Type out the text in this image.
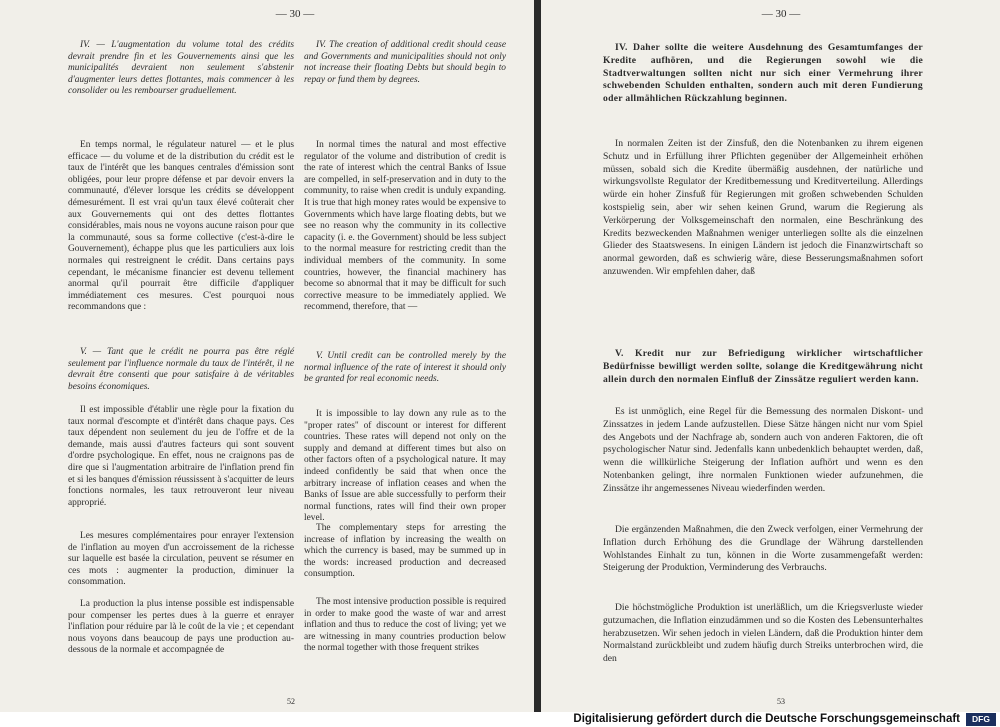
— 30 —

IV. — L'augmentation du volume total des crédits devrait prendre fin et les Gouvernements ainsi que les municipalités devraient non seulement s'abstenir d'augmenter leurs dettes flottantes, mais commencer à les consolider ou les rembourser graduellement.

En temps normal, le régulateur naturel — et le plus efficace — du volume et de la distribution du crédit est le taux de l'intérêt que les banques centrales d'émission sont obligées, pour leur propre défense et par devoir envers la communauté, d'élever lorsque les crédits se développent démesurément. Il est vrai qu'un taux élevé coûterait cher aux Gouvernements qui ont des dettes flottantes considérables, mais nous ne voyons aucune raison pour que la communauté, sous sa forme collective (c'est-à-dire le Gouvernement), échappe plus que les particuliers aux lois normales qui restreignent le crédit. Dans certains pays cependant, le mécanisme financier est devenu tellement anormal qu'il pourrait être difficile d'appliquer immédiatement ces mesures. C'est pourquoi nous recommandons que :

V. — Tant que le crédit ne pourra pas être réglé seulement par l'influence normale du taux de l'intérêt, il ne devrait être consenti que pour satisfaire à de véritables besoins économiques.

Il est impossible d'établir une règle pour la fixation du taux normal d'escompte et d'intérêt dans chaque pays. Ces taux dépendent non seulement du jeu de l'offre et de la demande, mais aussi d'autres facteurs qui sont souvent d'ordre psychologique. En effet, nous ne craignons pas de dire que si l'augmentation arbitraire de l'inflation prend fin et si les banques d'émission réussissent à s'acquitter de leurs fonctions normales, les taux retrouveront leur niveau approprié.

Les mesures complémentaires pour enrayer l'extension de l'inflation au moyen d'un accroissement de la richesse sur laquelle est basée la circulation, peuvent se résumer en ces mots : augmenter la production, diminuer la consommation.

La production la plus intense possible est indispensable pour compenser les pertes dues à la guerre et enrayer l'inflation pour réduire par là le coût de la vie ; et cependant nous voyons dans beaucoup de pays une production au-dessous de la normale et accompagnée de

IV. The creation of additional credit should cease and Governments and municipalities should not only not increase their floating Debts but should begin to repay or fund them by degrees.

In normal times the natural and most effective regulator of the volume and distribution of credit is the rate of interest which the central Banks of Issue are compelled, in self-preservation and in duty to the community, to raise when credit is unduly expanding. It is true that high money rates would be expensive to Governments which have large floating debts, but we see no reason why the community in its collective capacity (i. e. the Government) should be less subject to the normal measure for restricting credit than the individual members of the community. In some countries, however, the financial machinery has become so abnormal that it may be difficult for such corrective measure to be immediately applied. We recommend, therefore, that —

V. Until credit can be controlled merely by the normal influence of the rate of interest it should only be granted for real economic needs.

It is impossible to lay down any rule as to the "proper rates" of discount or interest for different countries. These rates will depend not only on the supply and demand at different times but also on other factors often of a psychological nature. It may indeed confidently be said that when once the arbitrary increase of inflation ceases and when the Banks of Issue are able successfully to perform their normal functions, rates will find their own proper level.

The complementary steps for arresting the increase of inflation by increasing the wealth on which the currency is based, may be summed up in the words: increased production and decreased consumption.

The most intensive production possible is required in order to make good the waste of war and arrest inflation and thus to reduce the cost of living; yet we are witnessing in many countries production below the normal together with those frequent strikes

52
— 30 —

IV. Daher sollte die weitere Ausdehnung des Gesamtumfanges der Kredite aufhören, und die Regierungen sowohl wie die Stadtverwaltungen sollten nicht nur sich einer Vermehrung ihrer schwebenden Schulden enthalten, sondern auch mit deren Fundierung oder allmählichen Rückzahlung beginnen.

In normalen Zeiten ist der Zinsfuß, den die Notenbanken zu ihrem eigenen Schutz und in Erfüllung ihrer Pflichten gegenüber der Allgemeinheit erhöhen müssen, sobald sich die Kredite übermäßig ausdehnen, der natürliche und wirkungsvollste Regulator der Kreditbemessung und Kreditverteilung. Allerdings würde ein hoher Zinsfuß für Regierungen mit großen schwebenden Schulden kostspielig sein, aber wir sehen keinen Grund, warum die Regierung als Verkörperung der Volksgemeinschaft den normalen, eine Beschränkung des Kredits bezweckenden Maßnahmen weniger unterliegen sollte als die einzelnen Glieder des Staatswesens. In einigen Ländern ist jedoch die Finanzwirtschaft so anormal geworden, daß es schwierig wäre, diese Besserungsmaßnahmen sofort anzuwenden. Wir empfehlen daher, daß

V. Kredit nur zur Befriedigung wirklicher wirtschaftlicher Bedürfnisse bewilligt werden sollte, solange die Kreditgewährung nicht allein durch den normalen Einfluß der Zinssätze reguliert werden kann.

Es ist unmöglich, eine Regel für die Bemessung des normalen Diskont- und Zinssatzes in jedem Lande aufzustellen. Diese Sätze hängen nicht nur vom Spiel des Angebots und der Nachfrage ab, sondern auch von anderen Faktoren, die oft psychologischer Natur sind. Jedenfalls kann unbedenklich behauptet werden, daß, wenn die willkürliche Steigerung der Inflation aufhört und wenn es den Notenbanken gelingt, ihre normalen Funktionen wieder aufzunehmen, die Zinssätze ihr angemessenes Niveau wiederfinden werden.

Die ergänzenden Maßnahmen, die den Zweck verfolgen, einer Vermehrung der Inflation durch Erhöhung des die Grundlage der Währung darstellenden Wohlstandes Einhalt zu tun, können in die Worte zusammengefaßt werden: Steigerung der Produktion, Verminderung des Verbrauchs.

Die höchstmögliche Produktion ist unerläßlich, um die Kriegsverluste wieder gutzumachen, die Inflation einzudämmen und so die Kosten des Lebensunterhaltes herabzusetzen. Wir sehen jedoch in vielen Ländern, daß die Produktion hinter dem Normalstand zurückbleibt und zudem häufig durch Streiks unterbrochen wird, die den

53
Digitalisierung gefördert durch die Deutsche Forschungsgemeinschaft	DFG
